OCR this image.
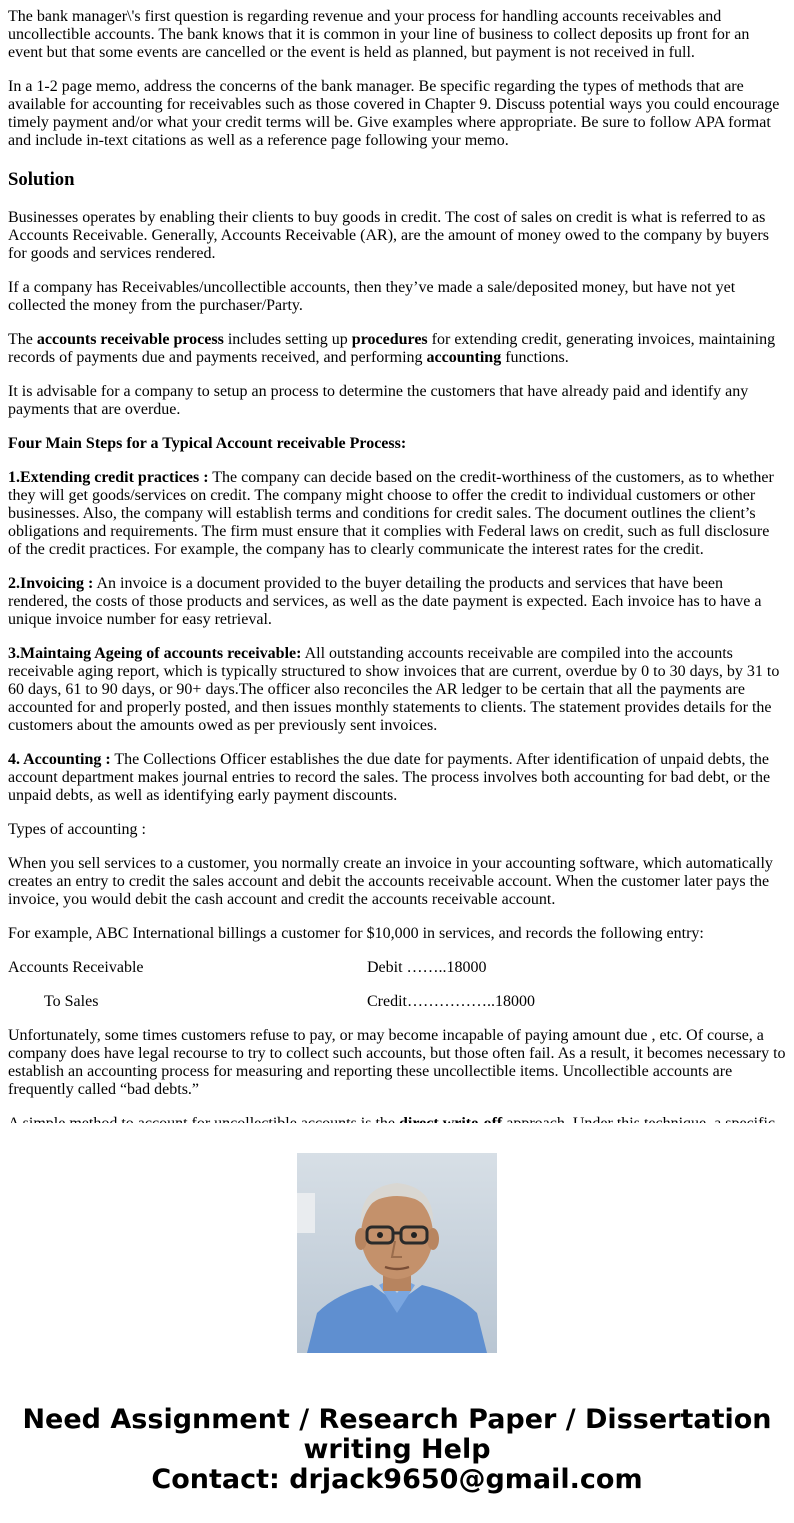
The bank manager\'s first question is regarding revenue and your process for handling accounts receivables and uncollectible accounts. The bank knows that it is common in your line of business to collect deposits up front for an event but that some events are cancelled or the event is held as planned, but payment is not received in full.

In a 1-2 page memo, address the concerns of the bank manager. Be specific regarding the types of methods that are available for accounting for receivables such as those covered in Chapter 9. Discuss potential ways you could encourage timely payment and/or what your credit terms will be. Give examples where appropriate. Be sure to follow APA format and include in-text citations as well as a reference page following your memo.

Solution

Businesses operates by enabling their clients to buy goods in credit. The cost of sales on credit is what is referred to as Accounts Receivable. Generally, Accounts Receivable (AR), are the amount of money owed to the company by buyers for goods and services rendered.

If a company has Receivables/uncollectible accounts, then they’ve made a sale/deposited money, but have not yet collected the money from the purchaser/Party.

The accounts receivable process includes setting up procedures for extending credit, generating invoices, maintaining records of payments due and payments received, and performing accounting functions.

It is advisable for a company to setup an process to determine the customers that have already paid and identify any payments that are overdue.

Four Main Steps for a Typical Account receivable Process:

1.Extending credit practices : The company can decide based on the credit-worthiness of the customers, as to whether they will get goods/services on credit. The company might choose to offer the credit to individual customers or other businesses. Also, the company will establish terms and conditions for credit sales. The document outlines the client’s obligations and requirements. The firm must ensure that it complies with Federal laws on credit, such as full disclosure of the credit practices. For example, the company has to clearly communicate the interest rates for the credit.

2.Invoicing : An invoice is a document provided to the buyer detailing the products and services that have been rendered, the costs of those products and services, as well as the date payment is expected. Each invoice has to have a unique invoice number for easy retrieval.

3.Maintaing Ageing of accounts receivable: All outstanding accounts receivable are compiled into the accounts receivable aging report, which is typically structured to show invoices that are current, overdue by 0 to 30 days, by 31 to 60 days, 61 to 90 days, or 90+ days.The officer also reconciles the AR ledger to be certain that all the payments are accounted for and properly posted, and then issues monthly statements to clients. The statement provides details for the customers about the amounts owed as per previously sent invoices.

4. Accounting : The Collections Officer establishes the due date for payments. After identification of unpaid debts, the account department makes journal entries to record the sales. The process involves both accounting for bad debt, or the unpaid debts, as well as identifying early payment discounts.

Types of accounting :

When you sell services to a customer, you normally create an invoice in your accounting software, which automatically creates an entry to credit the sales account and debit the accounts receivable account. When the customer later pays the invoice, you would debit the cash account and credit the accounts receivable account.

For example, ABC International billings a customer for $10,000 in services, and records the following entry:

Accounts Receivable

	Debit ……..18000

To Sales

	Credit……………..18000

Unfortunately, some times customers refuse to pay, or may become incapable of paying amount due , etc. Of course, a company does have legal recourse to try to collect such accounts, but those often fail. As a result, it becomes necessary to establish an accounting process for measuring and reporting these uncollectible items. Uncollectible accounts are frequently called “bad debts.”

Need Assignment / Research Paper / Dissertation
writing Help
Contact: drjack9650@gmail.com
